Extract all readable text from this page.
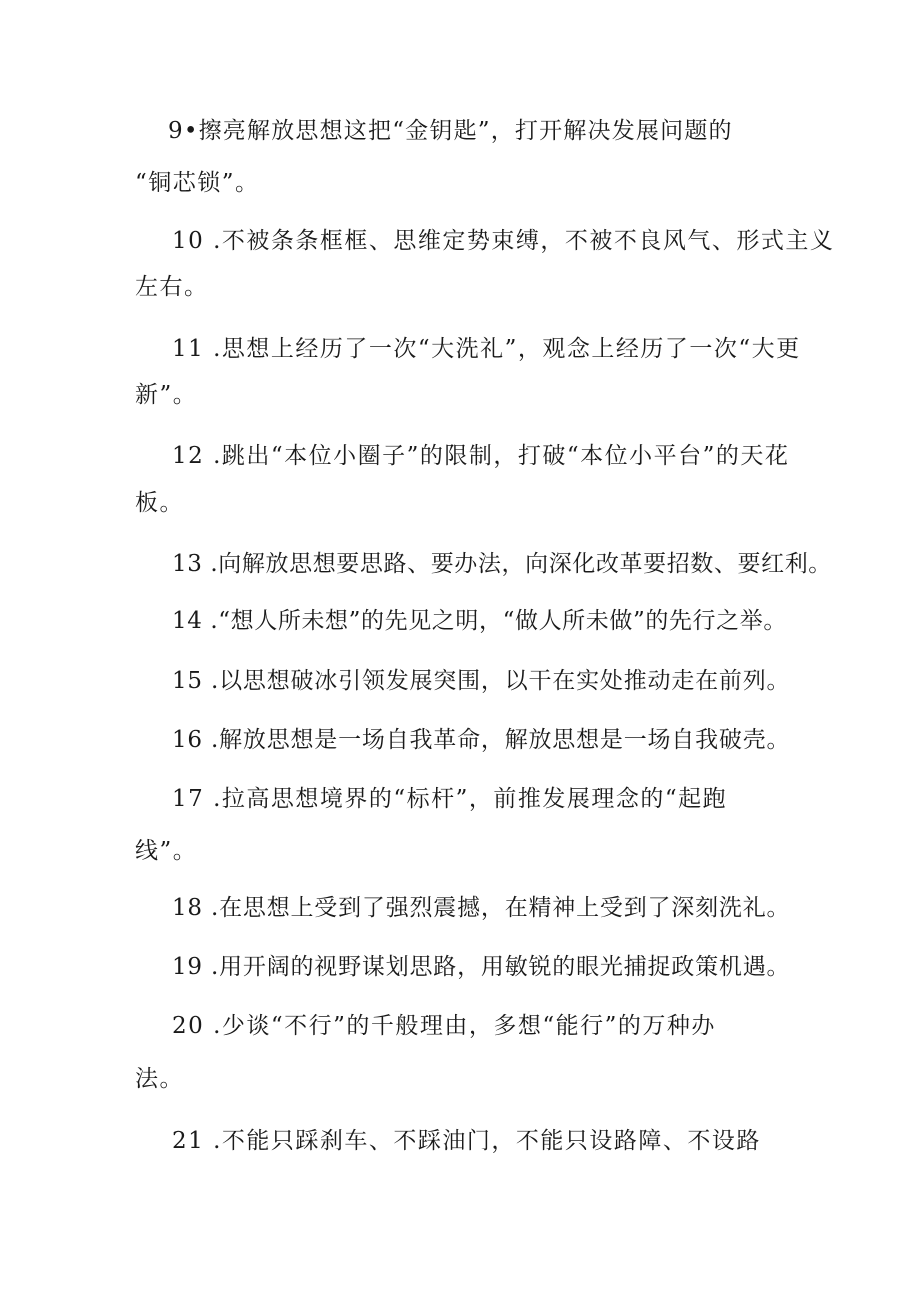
9•擦亮解放思想这把“金钥匙”，打开解决发展问题的
“铜芯锁”。
10 .不被条条框框、思维定势束缚，不被不良风气、形式主义
左右。
11 .思想上经历了一次“大洗礼”，观念上经历了一次“大更
新”。
12 .跳出“本位小圈子”的限制，打破“本位小平台”的天花
板。
13 .向解放思想要思路、要办法，向深化改革要招数、要红利。
14 .“想人所未想”的先见之明，“做人所未做”的先行之举。
15 .以思想破冰引领发展突围，以干在实处推动走在前列。
16 .解放思想是一场自我革命，解放思想是一场自我破壳。
17 .拉高思想境界的“标杆”，前推发展理念的“起跑
线”。
18 .在思想上受到了强烈震撼，在精神上受到了深刻洗礼。
19 .用开阔的视野谋划思路，用敏锐的眼光捕捉政策机遇。
20 .少谈“不行”的千般理由，多想“能行”的万种办
法。
21 .不能只踩刹车、不踩油门，不能只设路障、不设路
